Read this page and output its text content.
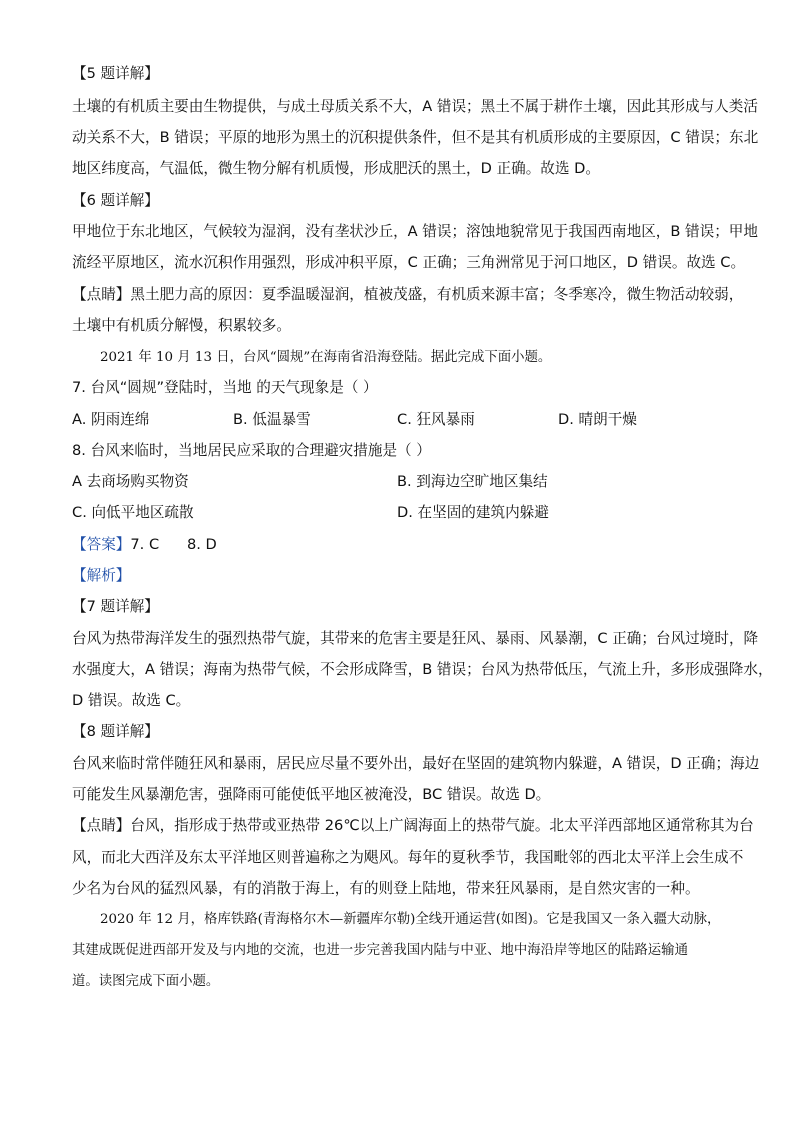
【5 题详解】
土壤的有机质主要由生物提供，与成土母质关系不大，A 错误；黑土不属于耕作土壤，因此其形成与人类活
动关系不大，B 错误；平原的地形为黑土的沉积提供条件，但不是其有机质形成的主要原因，C 错误；东北
地区纬度高，气温低，微生物分解有机质慢，形成肥沃的黑土，D 正确。故选 D。
【6 题详解】
甲地位于东北地区，气候较为湿润，没有垄状沙丘，A 错误；溶蚀地貌常见于我国西南地区，B 错误；甲地
流经平原地区，流水沉积作用强烈，形成冲积平原，C 正确；三角洲常见于河口地区，D 错误。故选 C。
【点睛】黑土肥力高的原因：夏季温暖湿润，植被茂盛，有机质来源丰富；冬季寒冷，微生物活动较弱，
土壤中有机质分解慢，积累较多。
2021 年 10 月 13 日，台风“圆规”在海南省沿海登陆。据此完成下面小题。
7. 台风“圆规”登陆时，当地 的天气现象是（ ）
A. 阴雨连绵	B. 低温暴雪	C. 狂风暴雨	D. 晴朗干燥
8. 台风来临时，当地居民应采取的合理避灾措施是（ ）
A 去商场购买物资	B. 到海边空旷地区集结
C. 向低平地区疏散	D. 在坚固的建筑内躲避
【答案】7. C      8. D
【解析】
【7 题详解】
台风为热带海洋发生的强烈热带气旋，其带来的危害主要是狂风、暴雨、风暴潮，C 正确；台风过境时，降
水强度大，A 错误；海南为热带气候，不会形成降雪，B 错误；台风为热带低压，气流上升，多形成强降水，
D 错误。故选 C。
【8 题详解】
台风来临时常伴随狂风和暴雨，居民应尽量不要外出，最好在坚固的建筑物内躲避，A 错误，D 正确；海边
可能发生风暴潮危害，强降雨可能使低平地区被淹没，BC 错误。故选 D。
【点睛】台风，指形成于热带或亚热带 26℃以上广阔海面上的热带气旋。北太平洋西部地区通常称其为台
风，而北大西洋及东太平洋地区则普遍称之为飓风。每年的夏秋季节，我国毗邻的西北太平洋上会生成不
少名为台风的猛烈风暴，有的消散于海上，有的则登上陆地，带来狂风暴雨，是自然灾害的一种。
2020 年 12 月，格库铁路(青海格尔木—新疆库尔勒)全线开通运营(如图)。它是我国又一条入疆大动脉，
其建成既促进西部开发及与内地的交流，也进一步完善我国内陆与中亚、地中海沿岸等地区的陆路运输通
道。读图完成下面小题。
